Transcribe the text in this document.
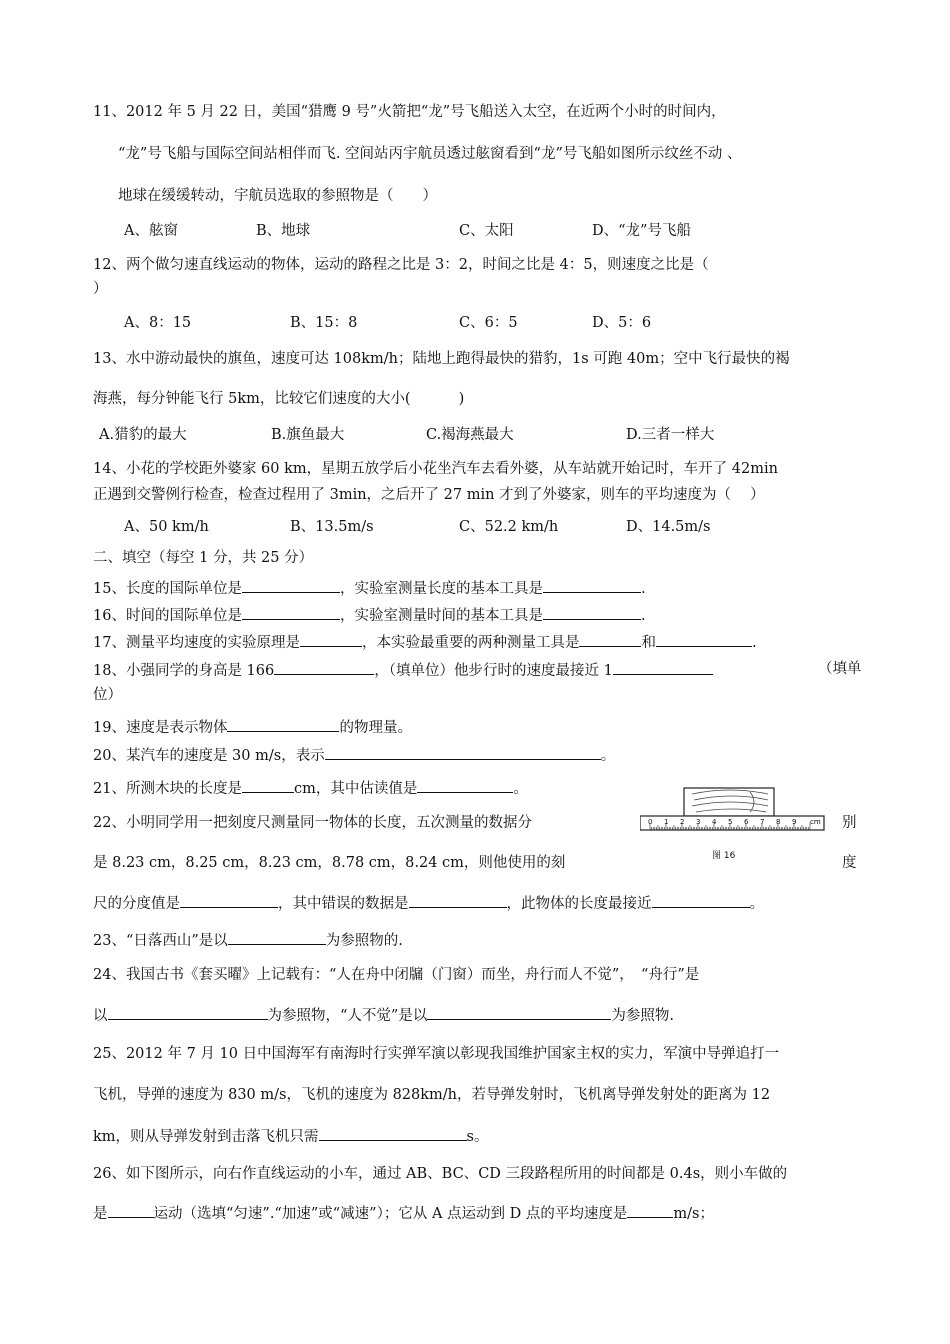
11、2012 年 5 月 22 日，美国“猎鹰 9 号”火箭把“龙”号飞船送入太空，在近两个小时的时间内，
“龙”号飞船与国际空间站相伴而飞. 空间站丙宇航员透过舷窗看到“龙”号飞船如图所示纹丝不动 、
地球在缓缓转动，宇航员选取的参照物是（　　）
A、舷窗	B、地球	C、太阳	D、“龙”号飞船
12、两个做匀速直线运动的物体，运动的路程之比是 3：2，时间之比是 4：5，则速度之比是（
）
A、8：15	B、15：8	C、6：5	D、5：6
13、水中游动最快的旗鱼，速度可达 108km/h；陆地上跑得最快的猎豹，1s 可跑 40m；空中飞行最快的褐
海燕，每分钟能飞行 5km，比较它们速度的大小(　　　 )
A.猎豹的最大	B.旗鱼最大	C.褐海燕最大	D.三者一样大
14、小花的学校距外婆家 60 km，星期五放学后小花坐汽车去看外婆，从车站就开始记时，车开了 42min
正遇到交警例行检查，检查过程用了 3min，之后开了 27 min 才到了外婆家，则车的平均速度为（　 ）
A、50 km/h	B、13.5m/s	C、52.2 km/h	D、14.5m/s
二、填空（每空 1 分，共 25 分）
15、长度的国际单位是	，实验室测量长度的基本工具是	.
16、时间的国际单位是	，实验室测量时间的基本工具是	.
17、测量平均速度的实验原理是	，本实验最重要的两种测量工具是	和	.
18、小强同学的身高是 166	，（填单位）他步行时的速度最接近 1	（填单
位）
19、速度是表示物体	的物理量。
20、某汽车的速度是 30 m/s，表示	。
21、所测木块的长度是	cm，其中估读值是	。
0 1 2 3 4 5 6 7 8 9 cm
图 16
22、小明同学用一把刻度尺测量同一物体的长度，五次测量的数据分	别
是 8.23 cm，8.25 cm，8.23 cm，8.78 cm，8.24 cm，则他使用的刻	度
尺的分度值是	，其中错误的数据是	，此物体的长度最接近	。
23、“日落西山”是以	为参照物的.
24、我国古书《套买曜》上记载有：“人在舟中闭牖（门窗）而坐，舟行而人不觉”，　“舟行”是
以	为参照物，“人不觉”是以	为参照物.
25、2012 年 7 月 10 日中国海军有南海时行实弹军演以彰现我国维护国家主权的实力，军演中导弹追打一
飞机，导弹的速度为 830 m/s，飞机的速度为 828km/h，若导弹发射时，飞机离导弹发射处的距离为 12
km，则从导弹发射到击落飞机只需	s。
26、如下图所示，向右作直线运动的小车，通过 AB、BC、CD 三段路程所用的时间都是 0.4s，则小车做的
是	运动（选填“匀速”.“加速”或“减速”）；它从 A 点运动到 D 点的平均速度是	m/s；
